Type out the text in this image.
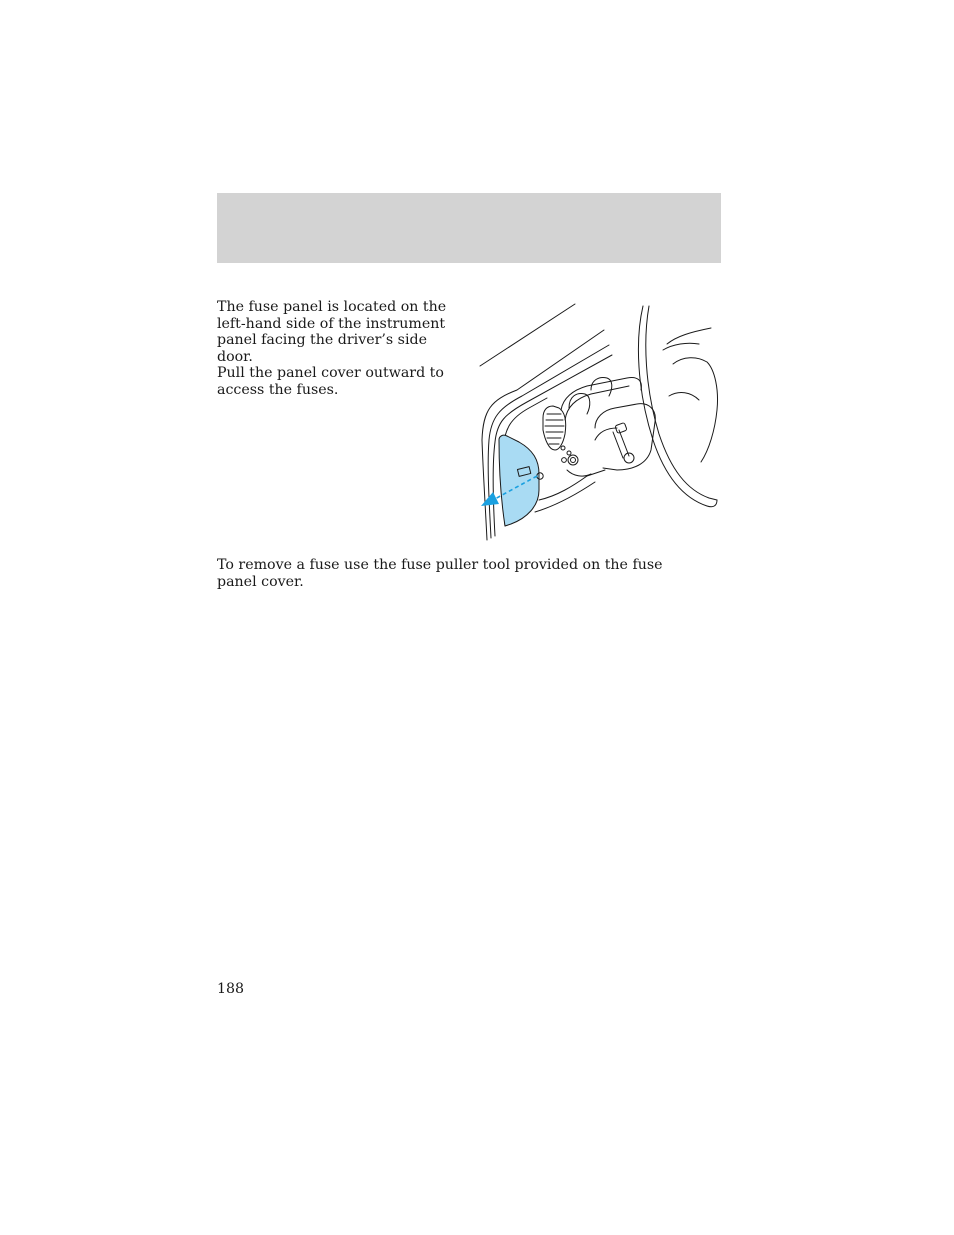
The fuse panel is located on the
left-hand side of the instrument
panel facing the driver’s side door.
Pull the panel cover outward to
access the fuses.

To remove a fuse use the fuse puller tool provided on the fuse panel cover.

188
